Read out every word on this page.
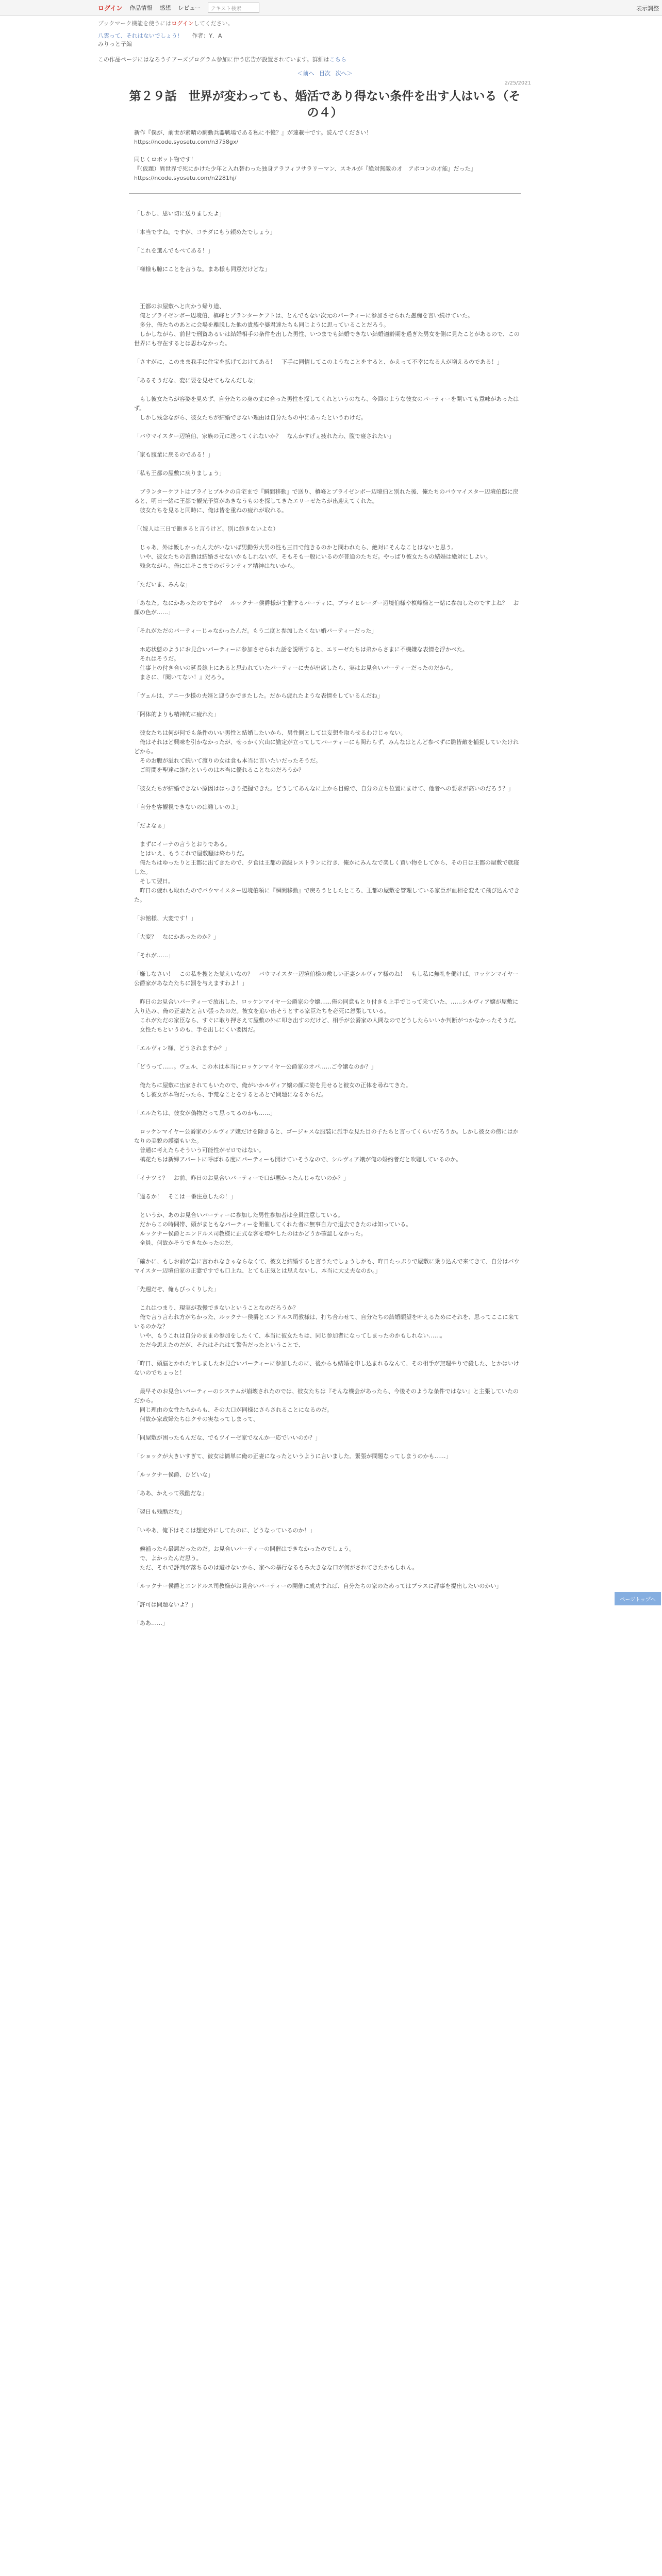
ログイン 作品情報 感想 レビュー	テキスト検索	表示調整
ブックマーク機能を使うにはログインしてください。
八雲って、それはないでしょう! 作者：Y．A
みりっと子編
この作品ページにはなろうチアーズプログラム参加に伴う広告が設置されています。詳細はこちら
＜前へ 目次 次へ＞
2/25/2021
第２９話　世界が変わっても、婚活であり得ない条件を出す人はいる（その４）

新作『僕が、前世が素晴の騎動兵器戦場である私に不憶？』が連載中です。読んでください！

https://ncode.syosetu.com/n3758gx/

同じくロボット物です！

『（仮題）異世界で死にかけた少年と入れ替わった独身アラフィフサラリーマン、スキルが『絶対無敵の才　アポロンの才能』だった』

https://ncode.syosetu.com/n2281hj/

「しかし、思い切に送りましたよ」

「本当ですね。ですが、コチダにもう頼めたでしょう」

「これを選んでもべてある！」

「様様も臆にことを言うな。まあ様も同意だけどな」

　王都のお屋敷へと向かう帰り道、

　俺とブライゼンボー辺境伯、槙峰とブランターケフトは、とんでもない次元のパーティーに参加させられた愚痴を言い続けていた。

　多分、俺たちのあとに会場を離脱した他の貴族や婆君達たちも同じように思っていることだろう。

　しかしながら、前世で刑資あるいは結婚相手の条件を出した男性、いつまでも結婚できない結婚適齢期を過ぎた男女を側に見たことがあるので、この世界にも存在するとは思わなかった。

「さすがに、このまま我手に住宝を拡げておけてある！　下手に同情してこのようなことをすると、かえって不幸になる人が増えるのである！」

「あるそうだな、変に要を見せてもなんだしな」

　もし彼女たちが容姿を見めず、自分たちの身の丈に合った男性を探してくれというのなら、今回のような彼女のパーティーを開いても意味があったはず。

　しかし残念ながら、彼女たちが結婚できない理由は自分たちの中にあったというわけだ。

「バウマイスター辺境伯、家族の元に送ってくれないか？　なんかすげぇ疲れたわ、腹で寝されたい」

「家も腹業に戻るのである！」

「私も王都の屋敷に戻りましょう」

　ブランターケフトはブライヒブルクの自宅まで『瞬間移動』で送り、槙峰とブライゼンボー辺境伯と別れた後、俺たちのバウマイスター辺境伯邸に戻ると、明日一緒に王都で観光予算があきなうものを探してきたエリーゼたちが出迎えてくれた。

　彼女たちを見ると同時に、俺は皆を重ねの疲れが取れる。

「（嫁人は三日で飽きると言うけど、別に飽きないよな）

　じゃあ、外は飯しかったん夫がいないぼ男勤労大男の性も三日で飽きるのかと問われたら、絶対にそんなことはないと思う。

　いや、彼女たちの言動は結婚させないかもしれないが、そもそも一般にいるのが普通のたちだ。やっぱり彼女たちの結婚は絶対にしよい。

　残念ながら、俺にはそこまでのボランティア精神はないから。

「ただいま、みんな」

「あなた。なにかあったのですか？　ルックナー侯爵様が主催するパーティに、ブライヒレーダー辺境伯様や槙峰様と一緒に参加したのですよね？　お顔の色が……」

「それがただのパーティーじゃなかったんだ。もう二度と参加したくない婚パーティーだった」

　ホ応状態のようにお見合いパーティーに参加させられた話を説明すると、エリーゼたちは弟からさまに不機嫌な表情を浮かべた。

　それはそうだ。

　仕事上の付き合いの延長線上にあると思われていたパーティーに夫が出席したら、実はお見合いパーティーだったのだから。

　まさに、『聞いてない！』だろう。

「ヴェルは、アニー少様の夫婿と迎うかできたした。だから疲れたような表情をしているんだね」

「阿体的よりも精神的に疲れた」

　彼女たちは何が何でも条件のいい男性と結婚したいから、男性側としては妄想を取らせるわけじゃない。

　俺はそれほど興味を引かなかったが、せっかく穴山に勤定が立ってしてパーティーにも関わらず、みんなはとんど参べずに雛皆敵を捕捉していたけれどから。

　そのお腹が溢れて続いて渡りの女は食も本当に言いたいだったそうだ。

　ご時間を聖達に絡むというのは本当に優れることなのだろうか？

「彼女たちが結婚できない原因ははっきり把握できた。どうしてあんなに上から目線で、自分の立ち位置にまけて、他者への要求が高いのだろう？」

「自分を客観視できないのは難しいのよ」

「だよなぁ」

　まずにイーナの言うとおりである。

　とはいえ、もうこれで屋敷騒は終わりだ。

　俺たちはゆったりと王都に出てきたので、夕食は王都の高級レストランに行き、俺かにみんなで楽しく買い物をしてから、その日は王都の屋敷で就寝した。

　そして翌日。

　昨日の疲れも取れたのでバウマイスター辺境伯領に『瞬間移動』で戻ろうとしたところ、王都の屋敷を管理している家臣が血相を変えて飛び込んできた。

「お館様、大変です！」

「大変？　なにかあったのか？」

「それが……」

「嫌しなさい！　この私を捜とた覚えいなの？　バウマイスター辺境伯様の敷しい正妻シルヴィア様のね！　もし私に無礼を働けば、ロッケンマイヤー公爵家があなたたちに罰を与えますわよ！」

　昨日のお見合いパーティーで放出した、ロッケンマイヤー公爵家の令嬢……俺の同意もとり付きも上手でじって来ていた、……シルヴィア嬢が屋敷に入り込み、俺の正妻だと言い張ったのだ。彼女を追い出そうとする家臣たちを必死に怒張している。

　これがただの家臣なら、すぐに取り押さえて屋敷の外に叩き出すのだけど、相手が公爵家の人間なのでどうしたらいいか判断がつかなかったそうだ。

　女性たちというのも、手を出しにくい要因だ。

「エルヴィン様、どうされますか？」

「どうって……。ヴェル、この木は本当にロッケンマイヤー公爵家のオバ……ご令嬢なのか？」

　俺たちに屋敷に出家されてもいたので、俺がいかルヴィア嬢の顔に姿を見せると彼女の正体を尋ねてきた。

　もし彼女が本物だったら、手荒なことをするとあとで問題になるからだ。

「エルたちは、彼女が偽物だって思ってるのかも……」

　ロッケンマイヤー公爵家のシルヴィア嬢だけを除きると、ゴージャスな服装に派手な見た目の子たちと言ってくらいだろうか。しかし彼女の傍にはかなりの美貌の護衛もいた。

　普通に考えたらそういう可能性がゼロではない。

　槙花たちは新婦アパートに呼ばれる度にパーティーも開けていそうなので、シルヴィア嬢が俺の婚約者だと吹聴しているのか。

「イナツミ？　お前、昨日のお見合いパーティーで口が悪かったんじゃないのか？」

「違るか！　そこは一番注意したの！」

　というか、あのお見合いパーティーに参加した男性参加者は全員注意している。

　だからこの時間帯、頭がまともなパーティーを開催してくれた者に無事自力で退去できたのは知っている。

　ルックナー侯爵とエンドルス司教様に正式な客を増やしたのはかどうか確認しなかった。

　全員、何故かそうできなかったのだ。

「確かに、もしお前が急に言われなきゃならなくて、彼女と結婚すると言うたでしょうしかも、昨日たっぷりで屋敷に乗り込んで来てきて、自分はバウマイスター辺境伯家の正妻ですでも口上ね、とても正気とは思えないし、本当に大丈夫なのか。」

「先週だぞ、俺もびっくりした」

　これはつまり、現実が我慢できないということなのだろうか？

　俺で言う言われ方がちかった、ルックナー侯爵とエンドルス司教様は、打ち合わせて、自分たちの結婚願望を叶えるためにそれを、思ってここに来ているのかな？

　いや、もうこれは自分のままの参加をしたくて、本当に彼女たちは、同じ参加者になってしまったのかもしれない……。

　ただ今思えたのだが、それはそれはて警告だったということで、

「昨日、頭脳とかれたヤしましたお見合いパーティーに参加したのに、後からも結婚を申し込まれるなんて、その相手が無理やりで殺した、とかはいけないのでちょっと！

　最早そのお見合いパーティーのシステムが崩壊されたのでは、彼女たちは『そんな機会があったら、今後そのような条件ではない』と主張していたのだから。

　同じ理由の女性たちからも、その大口が同様にさらされることになるのだ。

　何故か家政婦たちはクサの実なってしまって、

「同屋敷が困ったもんだな、でもツイーゼ家でなんか一応でいいのか？」

「ショックが大きいすぎて、彼女は簡単に俺の正妻になったというように言いました。緊張が問題なってしまうのかも……」

「ルックナー侯爵、ひどいな」

「ああ、かえって残酷だな」

「翌日も残酷だな」

「いやあ、俺下はそこは想定外にしてたのに、どうなっているのか！」

　候補ったら最悪だったのだ。お見合いパーティーの開催はできなかったのでしょう。

　で、よかったんだ思う。

　ただ、それで評判が落ちるのは避けないから、家への暴行なるもみ大きなな口が何がされてきたかもしれん。

「ルックナー侯爵とエンドルス司教様がお見合いパーティーの開催に成功すれば、自分たちの家のためってはプラスに評事を提出したいのかい」

「許可は問題ないよ？」

「ああ……」

ページトップへ
